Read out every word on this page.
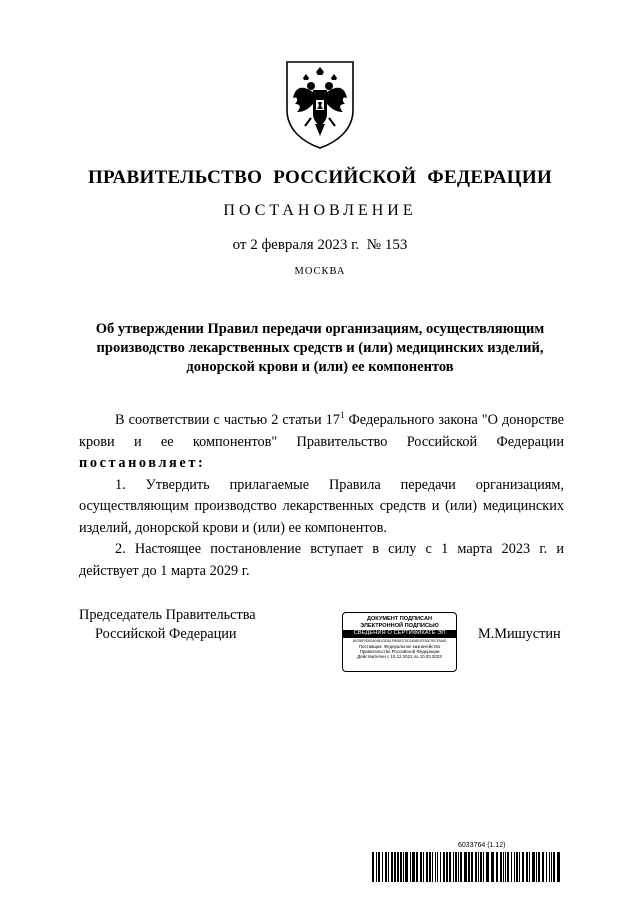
ПРАВИТЕЛЬСТВО РОССИЙСКОЙ ФЕДЕРАЦИИ
ПОСТАНОВЛЕНИЕ
от 2 февраля 2023 г.  № 153
МОСКВА
Об утверждении Правил передачи организациям, осуществляющим
производство лекарственных средств и (или) медицинских изделий,
донорской крови и (или) ее компонентов

В соответствии с частью 2 статьи $17^1$ Федерального закона "О донорстве крови и ее компонентов" Правительство Российской Федерации постановляет:

1. Утвердить прилагаемые Правила передачи организациям, осуществляющим производство лекарственных средств и (или) медицинских изделий, донорской крови и (или) ее компонентов.

2. Настоящее постановление вступает в силу с 1 марта 2023 г. и действует до 1 марта 2029 г.

Председатель Правительства
Российской Федерации
ДОКУМЕНТ ПОДПИСАН
ЭЛЕКТРОННОЙ ПОДПИСЬЮ
СВЕДЕНИЯ О СЕРТИФИКАТЕ ЭП
4E02BF0D9DA04B1C83A1F9E6B7C5D2A08E4F1B3C9D7E5A62
Поставщик: Федеральное казначейство
Правительство Российской Федерации
Действителен с 10.12.2021 по 10.03.2023
М.Мишустин
6033764 (1.12)
